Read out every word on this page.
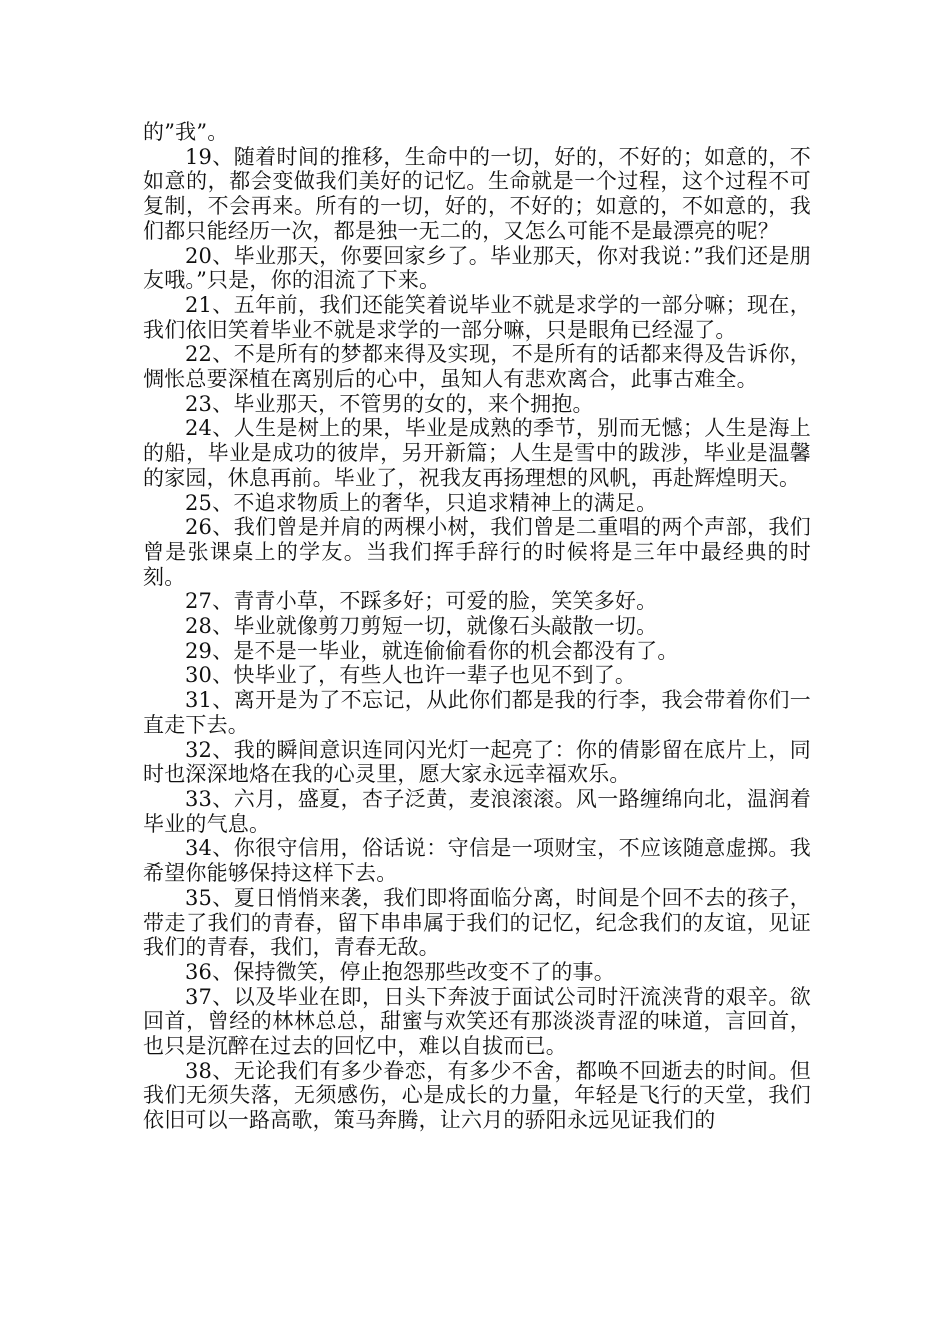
的”我”。

19、随着时间的推移，生命中的一切，好的，不好的；如意的，不如意的，都会变做我们美好的记忆。生命就是一个过程，这个过程不可复制，不会再来。所有的一切，好的，不好的；如意的，不如意的，我们都只能经历一次，都是独一无二的，又怎么可能不是最漂亮的呢？

20、毕业那天，你要回家乡了。毕业那天，你对我说：”我们还是朋友哦。”只是，你的泪流了下来。

21、五年前，我们还能笑着说毕业不就是求学的一部分嘛；现在，我们依旧笑着毕业不就是求学的一部分嘛，只是眼角已经湿了。

22、不是所有的梦都来得及实现，不是所有的话都来得及告诉你，惆怅总要深植在离别后的心中，虽知人有悲欢离合，此事古难全。

23、毕业那天，不管男的女的，来个拥抱。

24、人生是树上的果，毕业是成熟的季节，别而无憾；人生是海上的船，毕业是成功的彼岸，另开新篇；人生是雪中的跋涉，毕业是温馨的家园，休息再前。毕业了，祝我友再扬理想的风帆，再赴辉煌明天。

25、不追求物质上的奢华，只追求精神上的满足。

26、我们曾是并肩的两棵小树，我们曾是二重唱的两个声部，我们曾是张课桌上的学友。当我们挥手辞行的时候将是三年中最经典的时刻。

27、青青小草，不踩多好；可爱的脸，笑笑多好。

28、毕业就像剪刀剪短一切，就像石头敲散一切。

29、是不是一毕业，就连偷偷看你的机会都没有了。

30、快毕业了，有些人也许一辈子也见不到了。

31、离开是为了不忘记，从此你们都是我的行李，我会带着你们一直走下去。

32、我的瞬间意识连同闪光灯一起亮了：你的倩影留在底片上，同时也深深地烙在我的心灵里，愿大家永远幸福欢乐。

33、六月，盛夏，杏子泛黄，麦浪滚滚。风一路缠绵向北，温润着毕业的气息。

34、你很守信用，俗话说：守信是一项财宝，不应该随意虚掷。我希望你能够保持这样下去。

35、夏日悄悄来袭，我们即将面临分离，时间是个回不去的孩子，带走了我们的青春，留下串串属于我们的记忆，纪念我们的友谊，见证我们的青春，我们，青春无敌。

36、保持微笑，停止抱怨那些改变不了的事。

37、以及毕业在即，日头下奔波于面试公司时汗流浃背的艰辛。欲回首，曾经的林林总总，甜蜜与欢笑还有那淡淡青涩的味道，言回首，也只是沉醉在过去的回忆中，难以自拔而已。

38、无论我们有多少眷恋，有多少不舍，都唤不回逝去的时间。但我们无须失落，无须感伤，心是成长的力量，年轻是飞行的天堂，我们依旧可以一路高歌，策马奔腾，让六月的骄阳永远见证我们的
